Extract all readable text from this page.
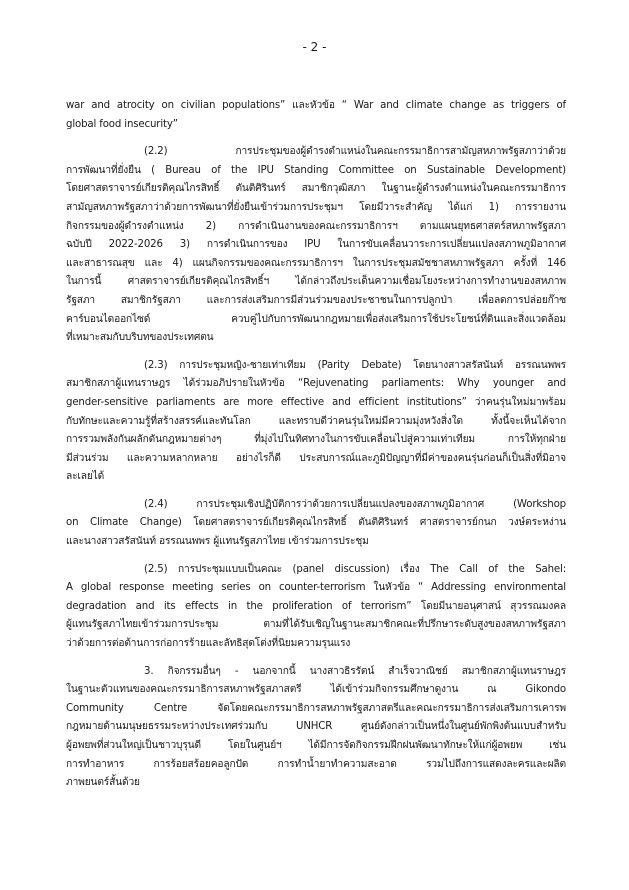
- 2 -
war and atrocity on civilian populations” และหัวข้อ “ War and climate change as triggers of
global food insecurity”
(2.2) การประชุมของผู้ดำรงตำแหน่งในคณะกรรมาธิการสามัญสหภาพรัฐสภาว่าด้วย
การพัฒนาที่ยั่งยืน ( Bureau of the IPU Standing Committee on Sustainable Development)
โดยศาสตราจารย์เกียรติคุณไกรสิทธิ์ ตันติศิรินทร์ สมาชิกวุฒิสภา ในฐานะผู้ดำรงตำแหน่งในคณะกรรมาธิการ
สามัญสหภาพรัฐสภาว่าด้วยการพัฒนาที่ยั่งยืนเข้าร่วมการประชุมฯ โดยมีวาระสำคัญ ได้แก่ 1) การรายงาน
กิจกรรมของผู้ดำรงตำแหน่ง 2) การดำเนินงานของคณะกรรมาธิการฯ ตามแผนยุทธศาสตร์สหภาพรัฐสภา
ฉบับปี 2022-2026 3) การดำเนินการของ IPU ในการขับเคลื่อนวาระการเปลี่ยนแปลงสภาพภูมิอากาศ
และสาธารณสุข และ 4) แผนกิจกรรมของคณะกรรมาธิการฯ ในการประชุมสมัชชาสหภาพรัฐสภา ครั้งที่ 146
ในการนี้ ศาสตราจารย์เกียรติคุณไกรสิทธิ์ฯ ได้กล่าวถึงประเด็นความเชื่อมโยงระหว่างการทำงานของสหภาพ
รัฐสภา สมาชิกรัฐสภา และการส่งเสริมการมีส่วนร่วมของประชาชนในการปลูกป่า เพื่อลดการปล่อยก๊าซ
คาร์บอนไดออกไซด์ ควบคู่ไปกับการพัฒนากฎหมายเพื่อส่งเสริมการใช้ประโยชน์ที่ดินและสิ่งแวดล้อม
ที่เหมาะสมกับบริบทของประเทศตน
(2.3) การประชุมหญิง-ชายเท่าเทียม (Parity Debate) โดยนางสาวสรัสนันท์ อรรณนพพร
สมาชิกสภาผู้แทนราษฎร ได้ร่วมอภิปรายในหัวข้อ “Rejuvenating parliaments: Why younger and
gender-sensitive parliaments are more effective and efficient institutions” ว่าคนรุ่นใหม่มาพร้อม
กับทักษะและความรู้ที่สร้างสรรค์และทันโลก และทราบดีว่าคนรุ่นใหม่มีความมุ่งหวังสิ่งใด ทั้งนี้จะเห็นได้จาก
การรวมพลังกันผลักดันกฎหมายต่างๆ ที่มุ่งไปในทิศทางในการขับเคลื่อนไปสู่ความเท่าเทียม การให้ทุกฝ่าย
มีส่วนร่วม และความหลากหลาย อย่างไรก็ดี ประสบการณ์และภูมิปัญญาที่มีค่าของคนรุ่นก่อนก็เป็นสิ่งที่มิอาจ
ละเลยได้
(2.4) การประชุมเชิงปฏิบัติการว่าด้วยการเปลี่ยนแปลงของสภาพภูมิอากาศ (Workshop
on Climate Change) โดยศาสตราจารย์เกียรติคุณไกรสิทธิ์ ตันติศิรินทร์ ศาสตราจารย์กนก วงษ์ตระหง่าน
และนางสาวสรัสนันท์ อรรณนพพร ผู้แทนรัฐสภาไทย เข้าร่วมการประชุม
(2.5) การประชุมแบบเป็นคณะ (panel discussion) เรื่อง The Call of the Sahel:
A global response meeting series on counter-terrorism ในหัวข้อ “ Addressing environmental
degradation and its effects in the proliferation of terrorism” โดยมีนายอนุศาสน์ สุวรรณมงคล
ผู้แทนรัฐสภาไทยเข้าร่วมการประชุม ตามที่ได้รับเชิญในฐานะสมาชิกคณะที่ปรึกษาระดับสูงของสหภาพรัฐสภา
ว่าด้วยการต่อต้านการก่อการร้ายและลัทธิสุดโต่งที่นิยมความรุนแรง
3. กิจกรรมอื่นๆ - นอกจากนี้ นางสาวธิรรัตน์ สำเร็จวาณิชย์ สมาชิกสภาผู้แทนราษฎร
ในฐานะตัวแทนของคณะกรรมาธิการสหภาพรัฐสภาสตรี ได้เข้าร่วมกิจกรรมศึกษาดูงาน ณ Gikondo
Community Centre จัดโดยคณะกรรมาธิการสหภาพรัฐสภาสตรีและคณะกรรมาธิการส่งเสริมการเคารพ
กฎหมายด้านมนุษยธรรมระหว่างประเทศร่วมกับ UNHCR ศูนย์ดังกล่าวเป็นหนึ่งในศูนย์พักพิงต้นแบบสำหรับ
ผู้อพยพที่ส่วนใหญ่เป็นชาวบุรุนดี โดยในศูนย์ฯ ได้มีการจัดกิจกรรมฝึกฝนพัฒนาทักษะให้แก่ผู้อพยพ เช่น
การทำอาหาร การร้อยสร้อยคอลูกปัด การทำน้ำยาทำความสะอาด รวมไปถึงการแสดงละครและผลิต
ภาพยนตร์สั้นด้วย
